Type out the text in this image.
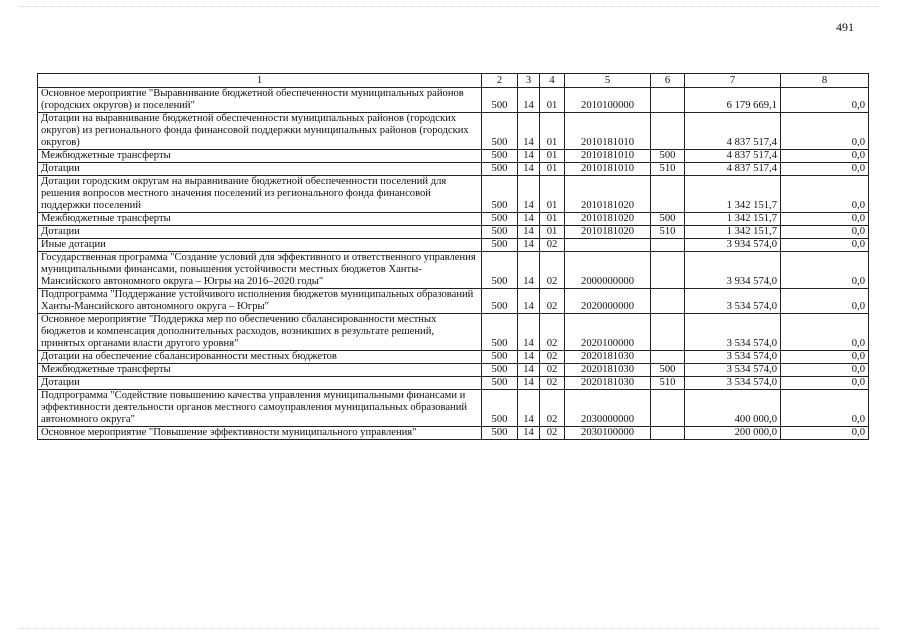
491
1	2	3	4	5	6	7	8
Основное мероприятие "Выравнивание бюджетной обеспеченности муниципальных районов (городских округов) и поселений"	500	14	01	2010100000		6 179 669,1	0,0
Дотации на выравнивание бюджетной обеспеченности муниципальных районов (городских округов) из регионального фонда финансовой поддержки муниципальных районов (городских округов)	500	14	01	2010181010		4 837 517,4	0,0
Межбюджетные трансферты	500	14	01	2010181010	500	4 837 517,4	0,0
Дотации	500	14	01	2010181010	510	4 837 517,4	0,0
Дотации городским округам на выравнивание бюджетной обеспеченности поселений для решения вопросов местного значения поселений из регионального фонда финансовой поддержки поселений	500	14	01	2010181020		1 342 151,7	0,0
Межбюджетные трансферты	500	14	01	2010181020	500	1 342 151,7	0,0
Дотации	500	14	01	2010181020	510	1 342 151,7	0,0
Иные дотации	500	14	02			3 934 574,0	0,0
Государственная программа "Создание условий для эффективного и ответственного управления муниципальными финансами, повышения устойчивости местных бюджетов Ханты-Мансийского автономного округа – Югры на 2016–2020 годы"	500	14	02	2000000000		3 934 574,0	0,0
Подпрограмма "Поддержание устойчивого исполнения бюджетов муниципальных образований Ханты-Мансийского автономного округа – Югры"	500	14	02	2020000000		3 534 574,0	0,0
Основное мероприятие "Поддержка мер по обеспечению сбалансированности местных бюджетов и компенсация дополнительных расходов, возникших в результате решений, принятых органами власти другого уровня"	500	14	02	2020100000		3 534 574,0	0,0
Дотации на обеспечение сбалансированности местных бюджетов	500	14	02	2020181030		3 534 574,0	0,0
Межбюджетные трансферты	500	14	02	2020181030	500	3 534 574,0	0,0
Дотации	500	14	02	2020181030	510	3 534 574,0	0,0
Подпрограмма "Содействие повышению качества управления муниципальными финансами и эффективности деятельности органов местного самоуправления муниципальных образований автономного округа"	500	14	02	2030000000		400 000,0	0,0
Основное мероприятие "Повышение эффективности муниципального управления"	500	14	02	2030100000		200 000,0	0,0
